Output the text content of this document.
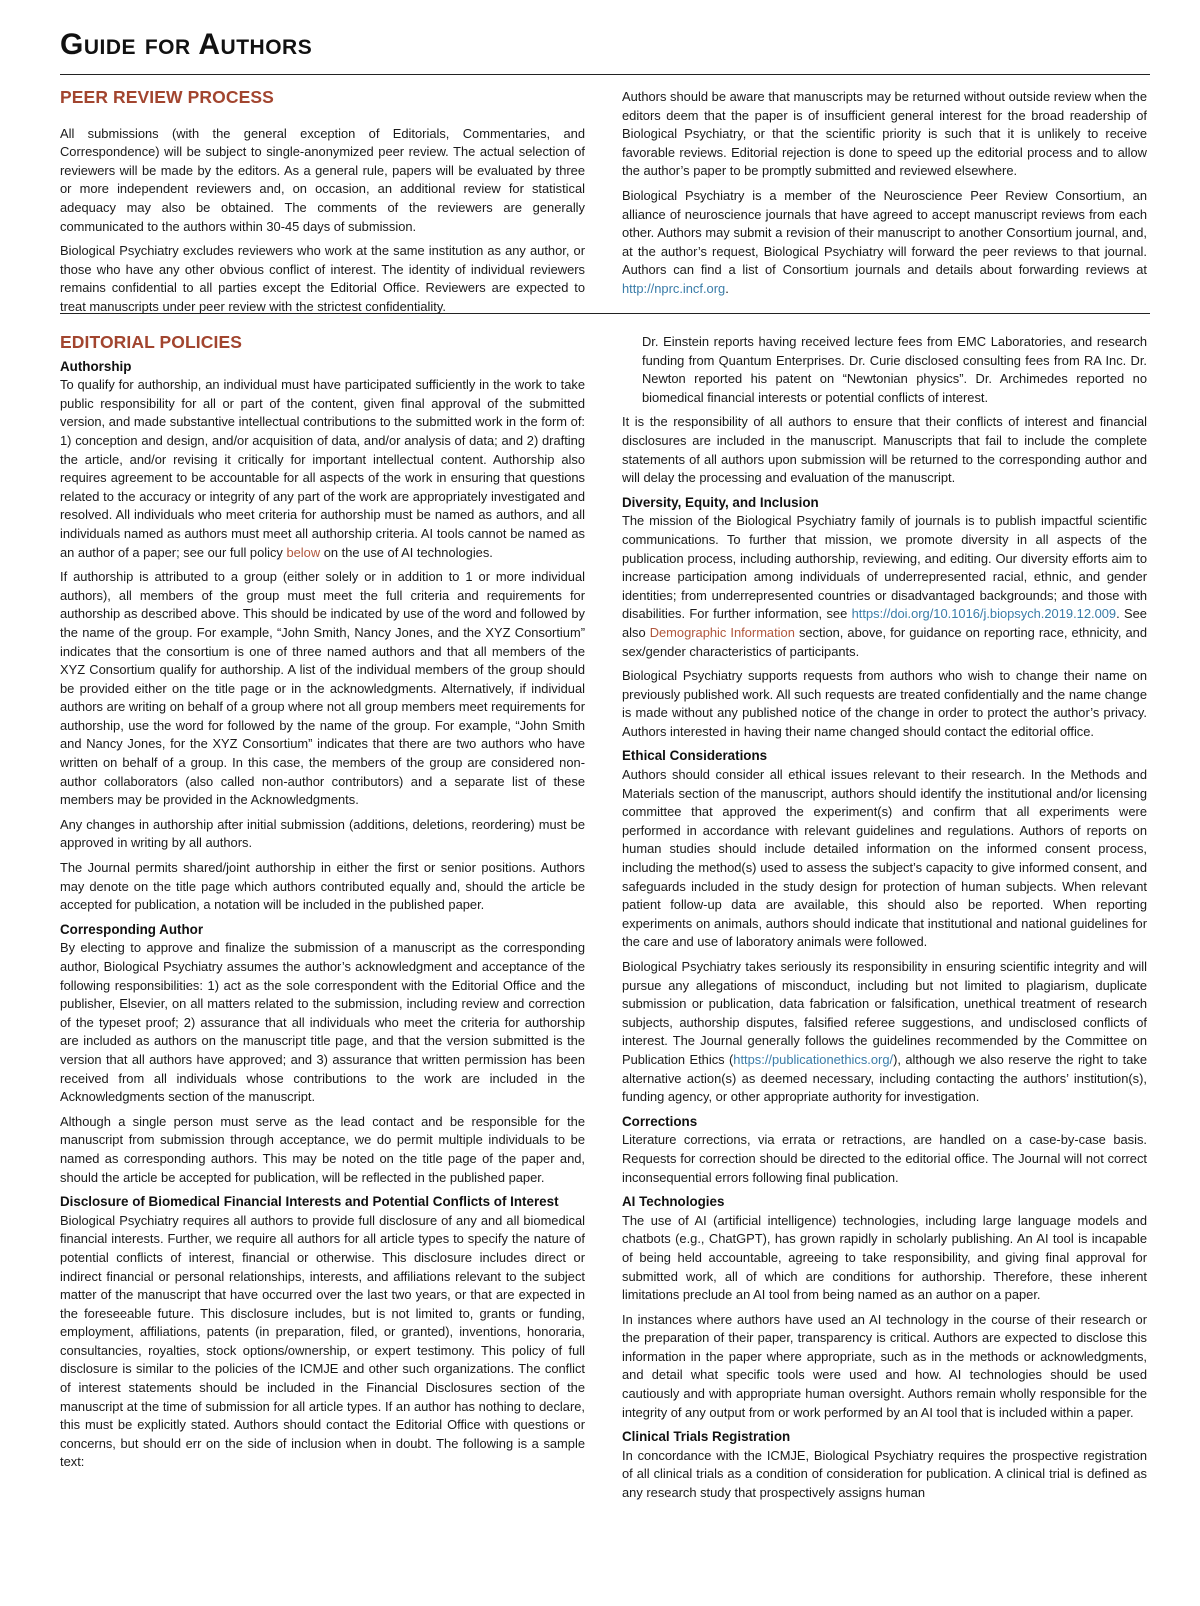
Guide for Authors
PEER REVIEW PROCESS

All submissions (with the general exception of Editorials, Commentaries, and Correspondence) will be subject to single-anonymized peer review. The actual selection of reviewers will be made by the editors. As a general rule, papers will be evaluated by three or more independent reviewers and, on occasion, an additional review for statistical adequacy may also be obtained. The comments of the reviewers are generally communicated to the authors within 30-45 days of submission.

Biological Psychiatry excludes reviewers who work at the same institution as any author, or those who have any other obvious conflict of interest. The identity of individual reviewers remains confidential to all parties except the Editorial Office. Reviewers are expected to treat manuscripts under peer review with the strictest confidentiality.

Authors should be aware that manuscripts may be returned without outside review when the editors deem that the paper is of insufficient general interest for the broad readership of Biological Psychiatry, or that the scientific priority is such that it is unlikely to receive favorable reviews. Editorial rejection is done to speed up the editorial process and to allow the author’s paper to be promptly submitted and reviewed elsewhere.

Biological Psychiatry is a member of the Neuroscience Peer Review Consortium, an alliance of neuroscience journals that have agreed to accept manuscript reviews from each other. Authors may submit a revision of their manuscript to another Consortium journal, and, at the author’s request, Biological Psychiatry will forward the peer reviews to that journal. Authors can find a list of Consortium journals and details about forwarding reviews at http://nprc.incf.org.

EDITORIAL POLICIES
Authorship

To qualify for authorship, an individual must have participated sufficiently in the work to take public responsibility for all or part of the content, given final approval of the submitted version, and made substantive intellectual contributions to the submitted work in the form of: 1) conception and design, and/or acquisition of data, and/or analysis of data; and 2) drafting the article, and/or revising it critically for important intellectual content. Authorship also requires agreement to be accountable for all aspects of the work in ensuring that questions related to the accuracy or integrity of any part of the work are appropriately investigated and resolved. All individuals who meet criteria for authorship must be named as authors, and all individuals named as authors must meet all authorship criteria. AI tools cannot be named as an author of a paper; see our full policy below on the use of AI technologies.

If authorship is attributed to a group (either solely or in addition to 1 or more individual authors), all members of the group must meet the full criteria and requirements for authorship as described above. This should be indicated by use of the word and followed by the name of the group. For example, “John Smith, Nancy Jones, and the XYZ Consortium” indicates that the consortium is one of three named authors and that all members of the XYZ Consortium qualify for authorship. A list of the individual members of the group should be provided either on the title page or in the acknowledgments. Alternatively, if individual authors are writing on behalf of a group where not all group members meet requirements for authorship, use the word for followed by the name of the group. For example, “John Smith and Nancy Jones, for the XYZ Consortium” indicates that there are two authors who have written on behalf of a group. In this case, the members of the group are considered non-author collaborators (also called non-author contributors) and a separate list of these members may be provided in the Acknowledgments.

Any changes in authorship after initial submission (additions, deletions, reordering) must be approved in writing by all authors.

The Journal permits shared/joint authorship in either the first or senior positions. Authors may denote on the title page which authors contributed equally and, should the article be accepted for publication, a notation will be included in the published paper.

Corresponding Author

By electing to approve and finalize the submission of a manuscript as the corresponding author, Biological Psychiatry assumes the author’s acknowledgment and acceptance of the following responsibilities: 1) act as the sole correspondent with the Editorial Office and the publisher, Elsevier, on all matters related to the submission, including review and correction of the typeset proof; 2) assurance that all individuals who meet the criteria for authorship are included as authors on the manuscript title page, and that the version submitted is the version that all authors have approved; and 3) assurance that written permission has been received from all individuals whose contributions to the work are included in the Acknowledgments section of the manuscript.

Although a single person must serve as the lead contact and be responsible for the manuscript from submission through acceptance, we do permit multiple individuals to be named as corresponding authors. This may be noted on the title page of the paper and, should the article be accepted for publication, will be reflected in the published paper.

Disclosure of Biomedical Financial Interests and Potential Conflicts of Interest

Biological Psychiatry requires all authors to provide full disclosure of any and all biomedical financial interests. Further, we require all authors for all article types to specify the nature of potential conflicts of interest, financial or otherwise. This disclosure includes direct or indirect financial or personal relationships, interests, and affiliations relevant to the subject matter of the manuscript that have occurred over the last two years, or that are expected in the foreseeable future. This disclosure includes, but is not limited to, grants or funding, employment, affiliations, patents (in preparation, filed, or granted), inventions, honoraria, consultancies, royalties, stock options/ownership, or expert testimony. This policy of full disclosure is similar to the policies of the ICMJE and other such organizations. The conflict of interest statements should be included in the Financial Disclosures section of the manuscript at the time of submission for all article types. If an author has nothing to declare, this must be explicitly stated. Authors should contact the Editorial Office with questions or concerns, but should err on the side of inclusion when in doubt. The following is a sample text:

Dr. Einstein reports having received lecture fees from EMC Laboratories, and research funding from Quantum Enterprises. Dr. Curie disclosed consulting fees from RA Inc. Dr. Newton reported his patent on “Newtonian physics”. Dr. Archimedes reported no biomedical financial interests or potential conflicts of interest.

It is the responsibility of all authors to ensure that their conflicts of interest and financial disclosures are included in the manuscript. Manuscripts that fail to include the complete statements of all authors upon submission will be returned to the corresponding author and will delay the processing and evaluation of the manuscript.

Diversity, Equity, and Inclusion

The mission of the Biological Psychiatry family of journals is to publish impactful scientific communications. To further that mission, we promote diversity in all aspects of the publication process, including authorship, reviewing, and editing. Our diversity efforts aim to increase participation among individuals of underrepresented racial, ethnic, and gender identities; from underrepresented countries or disadvantaged backgrounds; and those with disabilities. For further information, see https://doi.org/10.1016/j.biopsych.2019.12.009. See also Demographic Information section, above, for guidance on reporting race, ethnicity, and sex/gender characteristics of participants.

Biological Psychiatry supports requests from authors who wish to change their name on previously published work. All such requests are treated confidentially and the name change is made without any published notice of the change in order to protect the author’s privacy. Authors interested in having their name changed should contact the editorial office.

Ethical Considerations

Authors should consider all ethical issues relevant to their research. In the Methods and Materials section of the manuscript, authors should identify the institutional and/or licensing committee that approved the experiment(s) and confirm that all experiments were performed in accordance with relevant guidelines and regulations. Authors of reports on human studies should include detailed information on the informed consent process, including the method(s) used to assess the subject’s capacity to give informed consent, and safeguards included in the study design for protection of human subjects. When relevant patient follow-up data are available, this should also be reported. When reporting experiments on animals, authors should indicate that institutional and national guidelines for the care and use of laboratory animals were followed.

Biological Psychiatry takes seriously its responsibility in ensuring scientific integrity and will pursue any allegations of misconduct, including but not limited to plagiarism, duplicate submission or publication, data fabrication or falsification, unethical treatment of research subjects, authorship disputes, falsified referee suggestions, and undisclosed conflicts of interest. The Journal generally follows the guidelines recommended by the Committee on Publication Ethics (https://publicationethics.org/), although we also reserve the right to take alternative action(s) as deemed necessary, including contacting the authors’ institution(s), funding agency, or other appropriate authority for investigation.

Corrections

Literature corrections, via errata or retractions, are handled on a case-by-case basis. Requests for correction should be directed to the editorial office. The Journal will not correct inconsequential errors following final publication.

AI Technologies

The use of AI (artificial intelligence) technologies, including large language models and chatbots (e.g., ChatGPT), has grown rapidly in scholarly publishing. An AI tool is incapable of being held accountable, agreeing to take responsibility, and giving final approval for submitted work, all of which are conditions for authorship. Therefore, these inherent limitations preclude an AI tool from being named as an author on a paper.

In instances where authors have used an AI technology in the course of their research or the preparation of their paper, transparency is critical. Authors are expected to disclose this information in the paper where appropriate, such as in the methods or acknowledgments, and detail what specific tools were used and how. AI technologies should be used cautiously and with appropriate human oversight. Authors remain wholly responsible for the integrity of any output from or work performed by an AI tool that is included within a paper.

Clinical Trials Registration

In concordance with the ICMJE, Biological Psychiatry requires the prospective registration of all clinical trials as a condition of consideration for publication. A clinical trial is defined as any research study that prospectively assigns human
